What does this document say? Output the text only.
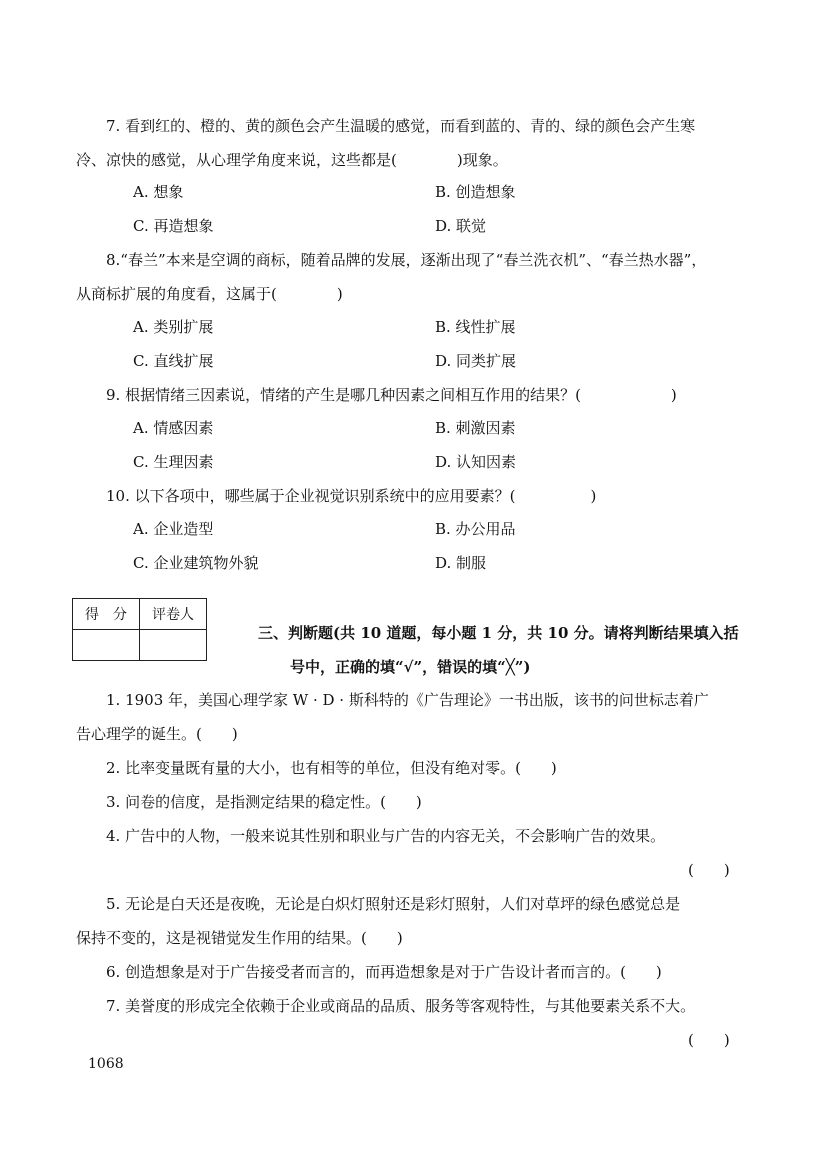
7. 看到红的、橙的、黄的颜色会产生温暖的感觉，而看到蓝的、青的、绿的颜色会产生寒
冷、凉快的感觉，从心理学角度来说，这些都是(　　　　)现象。
A. 想象	B. 创造想象
C. 再造想象	D. 联觉
8.“春兰”本来是空调的商标，随着品牌的发展，逐渐出现了“春兰洗衣机”、“春兰热水器”，
从商标扩展的角度看，这属于(　　　　)
A. 类别扩展	B. 线性扩展
C. 直线扩展	D. 同类扩展
9. 根据情绪三因素说，情绪的产生是哪几种因素之间相互作用的结果？(　　　　　　)
A. 情感因素	B. 刺激因素
C. 生理因素	D. 认知因素
10. 以下各项中，哪些属于企业视觉识别系统中的应用要素？(　　　　　)
A. 企业造型	B. 办公用品
C. 企业建筑物外貌	D. 制服
得　分	评卷人

三、判断题(共 10 道题，每小题 1 分，共 10 分。请将判断结果填入括
号中，正确的填“√”，错误的填“╳”)
1. 1903 年，美国心理学家 W · D · 斯科特的《广告理论》一书出版，该书的问世标志着广
告心理学的诞生。(　　)
2. 比率变量既有量的大小，也有相等的单位，但没有绝对零。(　　)
3. 问卷的信度，是指测定结果的稳定性。(　　)
4. 广告中的人物，一般来说其性别和职业与广告的内容无关，不会影响广告的效果。
(　　)
5. 无论是白天还是夜晚，无论是白炽灯照射还是彩灯照射，人们对草坪的绿色感觉总是
保持不变的，这是视错觉发生作用的结果。(　　)
6. 创造想象是对于广告接受者而言的，而再造想象是对于广告设计者而言的。(　　)
7. 美誉度的形成完全依赖于企业或商品的品质、服务等客观特性，与其他要素关系不大。
(　　)
1068
